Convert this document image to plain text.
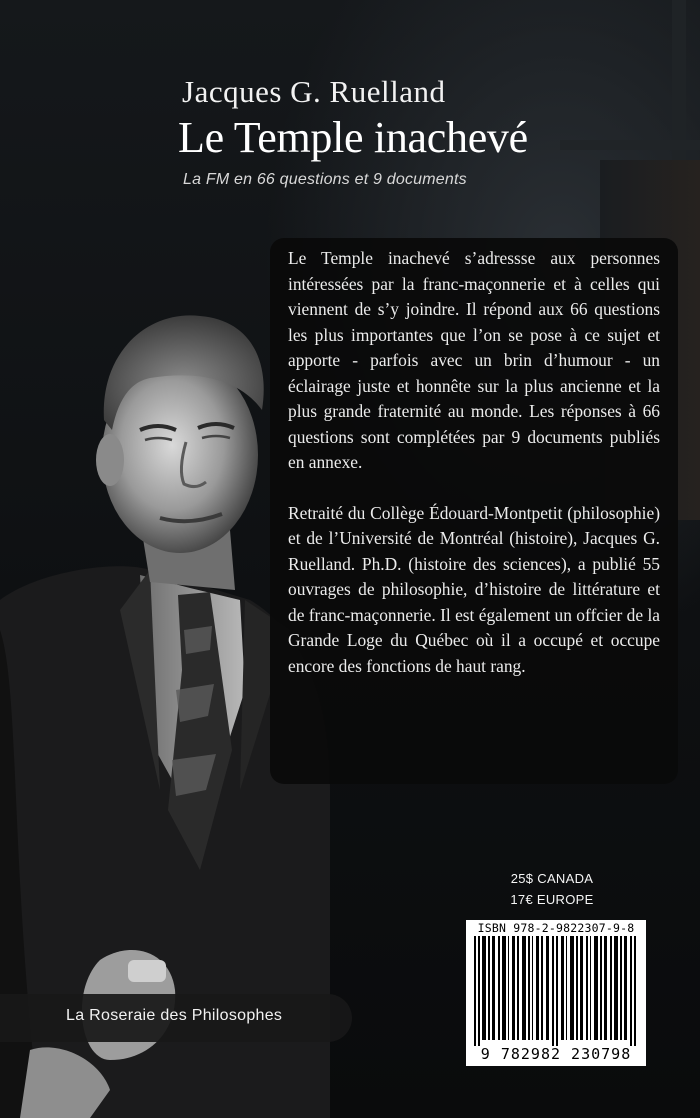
Jacques G. Ruelland
Le Temple inachevé

La FM en 66 questions et 9 documents

Le Temple inachevé s’adressse aux personnes intéressées par la franc-maçonnerie et à celles qui viennent de s’y joindre. Il répond aux 66 questions les plus importantes que l’on se pose à ce sujet et apporte - parfois avec un brin d’humour - un éclairage juste et honnête sur la plus ancienne et la plus grande fraternité au monde. Les réponses à 66 questions sont complétées par 9 documents publiés en annexe.

Retraité du Collège Édouard-Montpetit (philosophie) et de l’Université de Montréal (histoire), Jacques G. Ruelland. Ph.D. (histoire des sciences), a publié 55 ouvrages de philosophie, d’histoire de littérature et de franc-maçonnerie. Il est également un offcier de la Grande Loge du Québec où il a occupé et occupe encore des fonctions de haut rang.

25$ CANADA
17€ EUROPE
ISBN 978-2-9822307-9-8
9 782982 230798
La Roseraie des Philosophes
